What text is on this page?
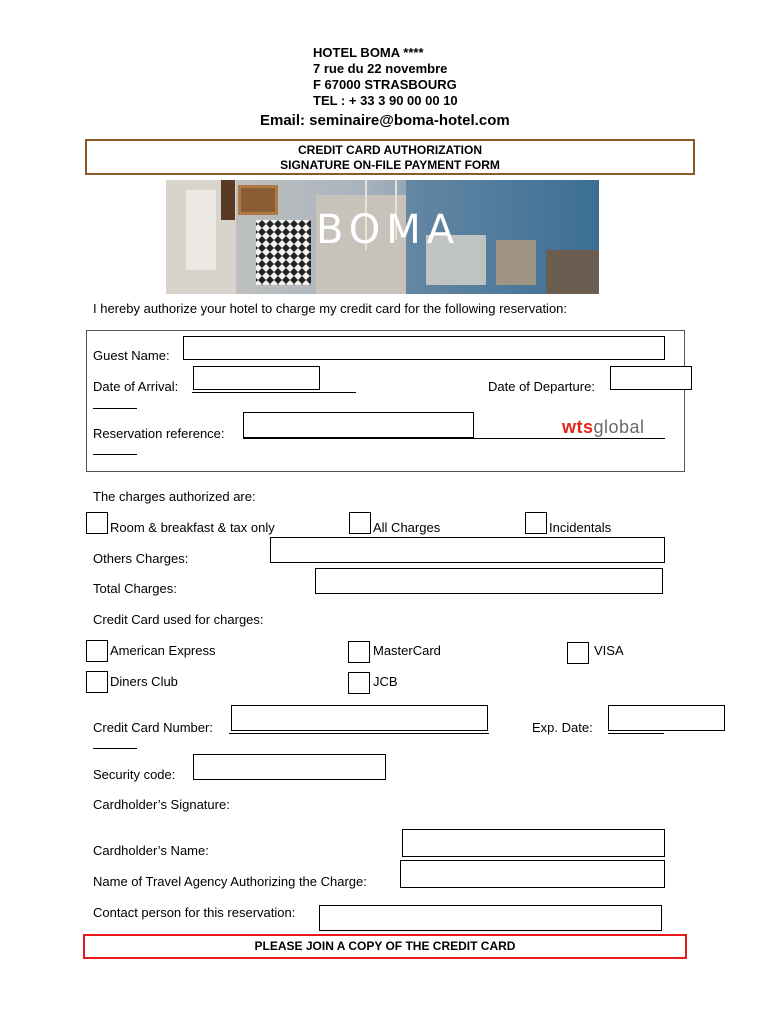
HOTEL BOMA ****
7 rue du 22 novembre
F 67000 STRASBOURG
TEL : + 33 3 90 00 00 10
Email: seminaire@boma-hotel.com
CREDIT CARD AUTHORIZATION
SIGNATURE ON-FILE PAYMENT FORM
BOMA
I hereby authorize your hotel to charge my credit card for the following reservation:
Guest Name:
Date of Arrival:	Date of Departure:
Reservation reference:	wtsglobal
The charges authorized are:
Room & breakfast & tax only	All Charges	Incidentals
Others Charges:
Total Charges:
Credit Card used for charges:
American Express	MasterCard	VISA
Diners Club	JCB
Credit Card Number:	Exp. Date:
Security code:
Cardholder’s Signature:
Cardholder’s Name:
Name of Travel Agency Authorizing the Charge:
Contact person for this reservation:
PLEASE JOIN A COPY OF THE CREDIT CARD
